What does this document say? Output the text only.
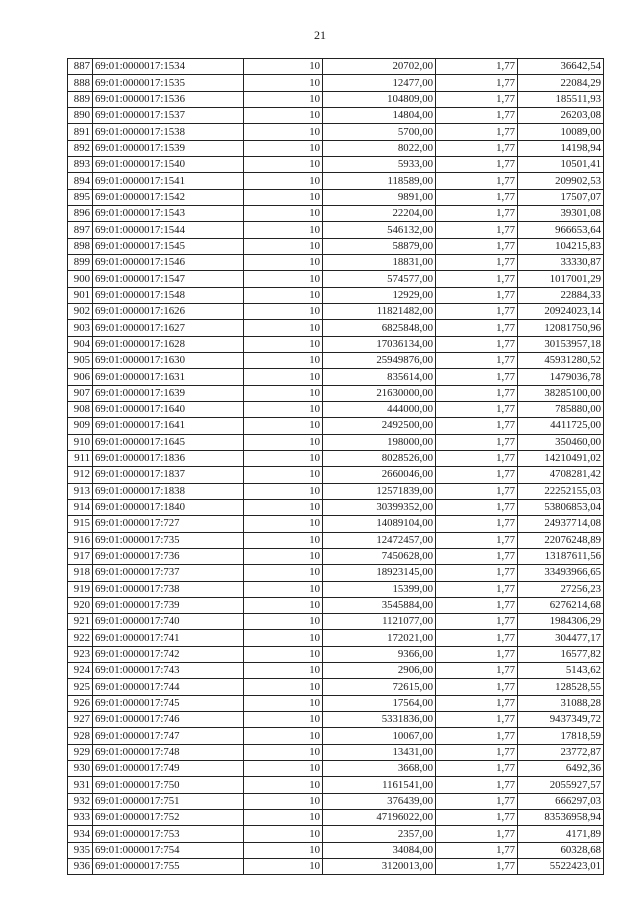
21
887	69:01:0000017:1534	10	20702,00	1,77	36642,54
888	69:01:0000017:1535	10	12477,00	1,77	22084,29
889	69:01:0000017:1536	10	104809,00	1,77	185511,93
890	69:01:0000017:1537	10	14804,00	1,77	26203,08
891	69:01:0000017:1538	10	5700,00	1,77	10089,00
892	69:01:0000017:1539	10	8022,00	1,77	14198,94
893	69:01:0000017:1540	10	5933,00	1,77	10501,41
894	69:01:0000017:1541	10	118589,00	1,77	209902,53
895	69:01:0000017:1542	10	9891,00	1,77	17507,07
896	69:01:0000017:1543	10	22204,00	1,77	39301,08
897	69:01:0000017:1544	10	546132,00	1,77	966653,64
898	69:01:0000017:1545	10	58879,00	1,77	104215,83
899	69:01:0000017:1546	10	18831,00	1,77	33330,87
900	69:01:0000017:1547	10	574577,00	1,77	1017001,29
901	69:01:0000017:1548	10	12929,00	1,77	22884,33
902	69:01:0000017:1626	10	11821482,00	1,77	20924023,14
903	69:01:0000017:1627	10	6825848,00	1,77	12081750,96
904	69:01:0000017:1628	10	17036134,00	1,77	30153957,18
905	69:01:0000017:1630	10	25949876,00	1,77	45931280,52
906	69:01:0000017:1631	10	835614,00	1,77	1479036,78
907	69:01:0000017:1639	10	21630000,00	1,77	38285100,00
908	69:01:0000017:1640	10	444000,00	1,77	785880,00
909	69:01:0000017:1641	10	2492500,00	1,77	4411725,00
910	69:01:0000017:1645	10	198000,00	1,77	350460,00
911	69:01:0000017:1836	10	8028526,00	1,77	14210491,02
912	69:01:0000017:1837	10	2660046,00	1,77	4708281,42
913	69:01:0000017:1838	10	12571839,00	1,77	22252155,03
914	69:01:0000017:1840	10	30399352,00	1,77	53806853,04
915	69:01:0000017:727	10	14089104,00	1,77	24937714,08
916	69:01:0000017:735	10	12472457,00	1,77	22076248,89
917	69:01:0000017:736	10	7450628,00	1,77	13187611,56
918	69:01:0000017:737	10	18923145,00	1,77	33493966,65
919	69:01:0000017:738	10	15399,00	1,77	27256,23
920	69:01:0000017:739	10	3545884,00	1,77	6276214,68
921	69:01:0000017:740	10	1121077,00	1,77	1984306,29
922	69:01:0000017:741	10	172021,00	1,77	304477,17
923	69:01:0000017:742	10	9366,00	1,77	16577,82
924	69:01:0000017:743	10	2906,00	1,77	5143,62
925	69:01:0000017:744	10	72615,00	1,77	128528,55
926	69:01:0000017:745	10	17564,00	1,77	31088,28
927	69:01:0000017:746	10	5331836,00	1,77	9437349,72
928	69:01:0000017:747	10	10067,00	1,77	17818,59
929	69:01:0000017:748	10	13431,00	1,77	23772,87
930	69:01:0000017:749	10	3668,00	1,77	6492,36
931	69:01:0000017:750	10	1161541,00	1,77	2055927,57
932	69:01:0000017:751	10	376439,00	1,77	666297,03
933	69:01:0000017:752	10	47196022,00	1,77	83536958,94
934	69:01:0000017:753	10	2357,00	1,77	4171,89
935	69:01:0000017:754	10	34084,00	1,77	60328,68
936	69:01:0000017:755	10	3120013,00	1,77	5522423,01
